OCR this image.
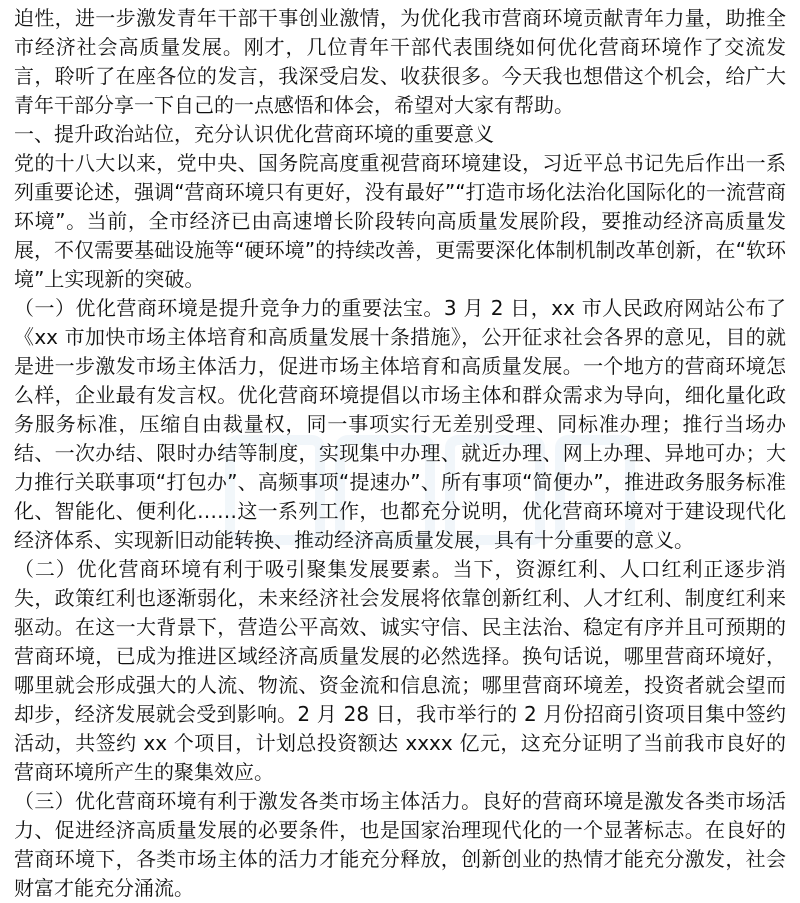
迫性，进一步激发青年干部干事创业激情，为优化我市营商环境贡献青年力量，助推全市经济社会高质量发展。刚才，几位青年干部代表围绕如何优化营商环境作了交流发言，聆听了在座各位的发言，我深受启发、收获很多。今天我也想借这个机会，给广大青年干部分享一下自己的一点感悟和体会，希望对大家有帮助。

一、提升政治站位，充分认识优化营商环境的重要意义

党的十八大以来，党中央、国务院高度重视营商环境建设，习近平总书记先后作出一系列重要论述，强调“营商环境只有更好，没有最好”“打造市场化法治化国际化的一流营商环境”。当前，全市经济已由高速增长阶段转向高质量发展阶段，要推动经济高质量发展，不仅需要基础设施等“硬环境”的持续改善，更需要深化体制机制改革创新，在“软环境”上实现新的突破。

（一）优化营商环境是提升竞争力的重要法宝。3 月 2 日，xx 市人民政府网站公布了《xx 市加快市场主体培育和高质量发展十条措施》，公开征求社会各界的意见，目的就是进一步激发市场主体活力，促进市场主体培育和高质量发展。一个地方的营商环境怎么样，企业最有发言权。优化营商环境提倡以市场主体和群众需求为导向，细化量化政务服务标准，压缩自由裁量权，同一事项实行无差别受理、同标准办理；推行当场办结、一次办结、限时办结等制度，实现集中办理、就近办理、网上办理、异地可办；大力推行关联事项“打包办”、高频事项“提速办”、所有事项“简便办”，推进政务服务标准化、智能化、便利化……这一系列工作，也都充分说明，优化营商环境对于建设现代化经济体系、实现新旧动能转换、推动经济高质量发展，具有十分重要的意义。

（二）优化营商环境有利于吸引聚集发展要素。当下，资源红利、人口红利正逐步消失，政策红利也逐渐弱化，未来经济社会发展将依靠创新红利、人才红利、制度红利来驱动。在这一大背景下，营造公平高效、诚实守信、民主法治、稳定有序并且可预期的营商环境，已成为推进区域经济高质量发展的必然选择。换句话说，哪里营商环境好，哪里就会形成强大的人流、物流、资金流和信息流；哪里营商环境差，投资者就会望而却步，经济发展就会受到影响。2 月 28 日，我市举行的 2 月份招商引资项目集中签约活动，共签约 xx 个项目，计划总投资额达 xxxx 亿元，这充分证明了当前我市良好的营商环境所产生的聚集效应。

（三）优化营商环境有利于激发各类市场主体活力。良好的营商环境是激发各类市场活力、促进经济高质量发展的必要条件，也是国家治理现代化的一个显著标志。在良好的营商环境下，各类市场主体的活力才能充分释放，创新创业的热情才能充分激发，社会财富才能充分涌流。
